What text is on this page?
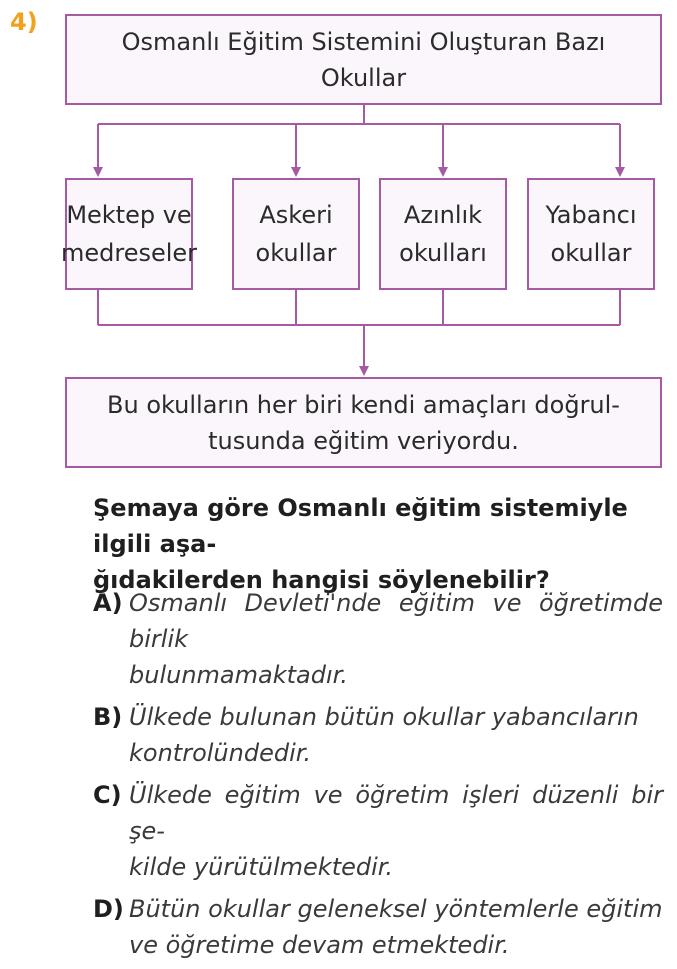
4)
Osmanlı Eğitim Sistemini Oluşturan Bazı Okullar
Mektep ve medreseler
Askeri okullar
Azınlık okulları
Yabancı okullar
Bu okulların her biri kendi amaçları doğrul-
tusunda eğitim veriyordu.

Şemaya göre Osmanlı eğitim sistemiyle ilgili aşa-
ğıdakilerden hangisi söylenebilir?

A) Osmanlı Devleti'nde eğitim ve öğretimde birlik
bulunmamaktadır.
B) Ülkede bulunan bütün okullar yabancıların
kontrolündedir.
C) Ülkede eğitim ve öğretim işleri düzenli bir şe-
kilde yürütülmektedir.
D) Bütün okullar geleneksel yöntemlerle eğitim
ve öğretime devam etmektedir.
